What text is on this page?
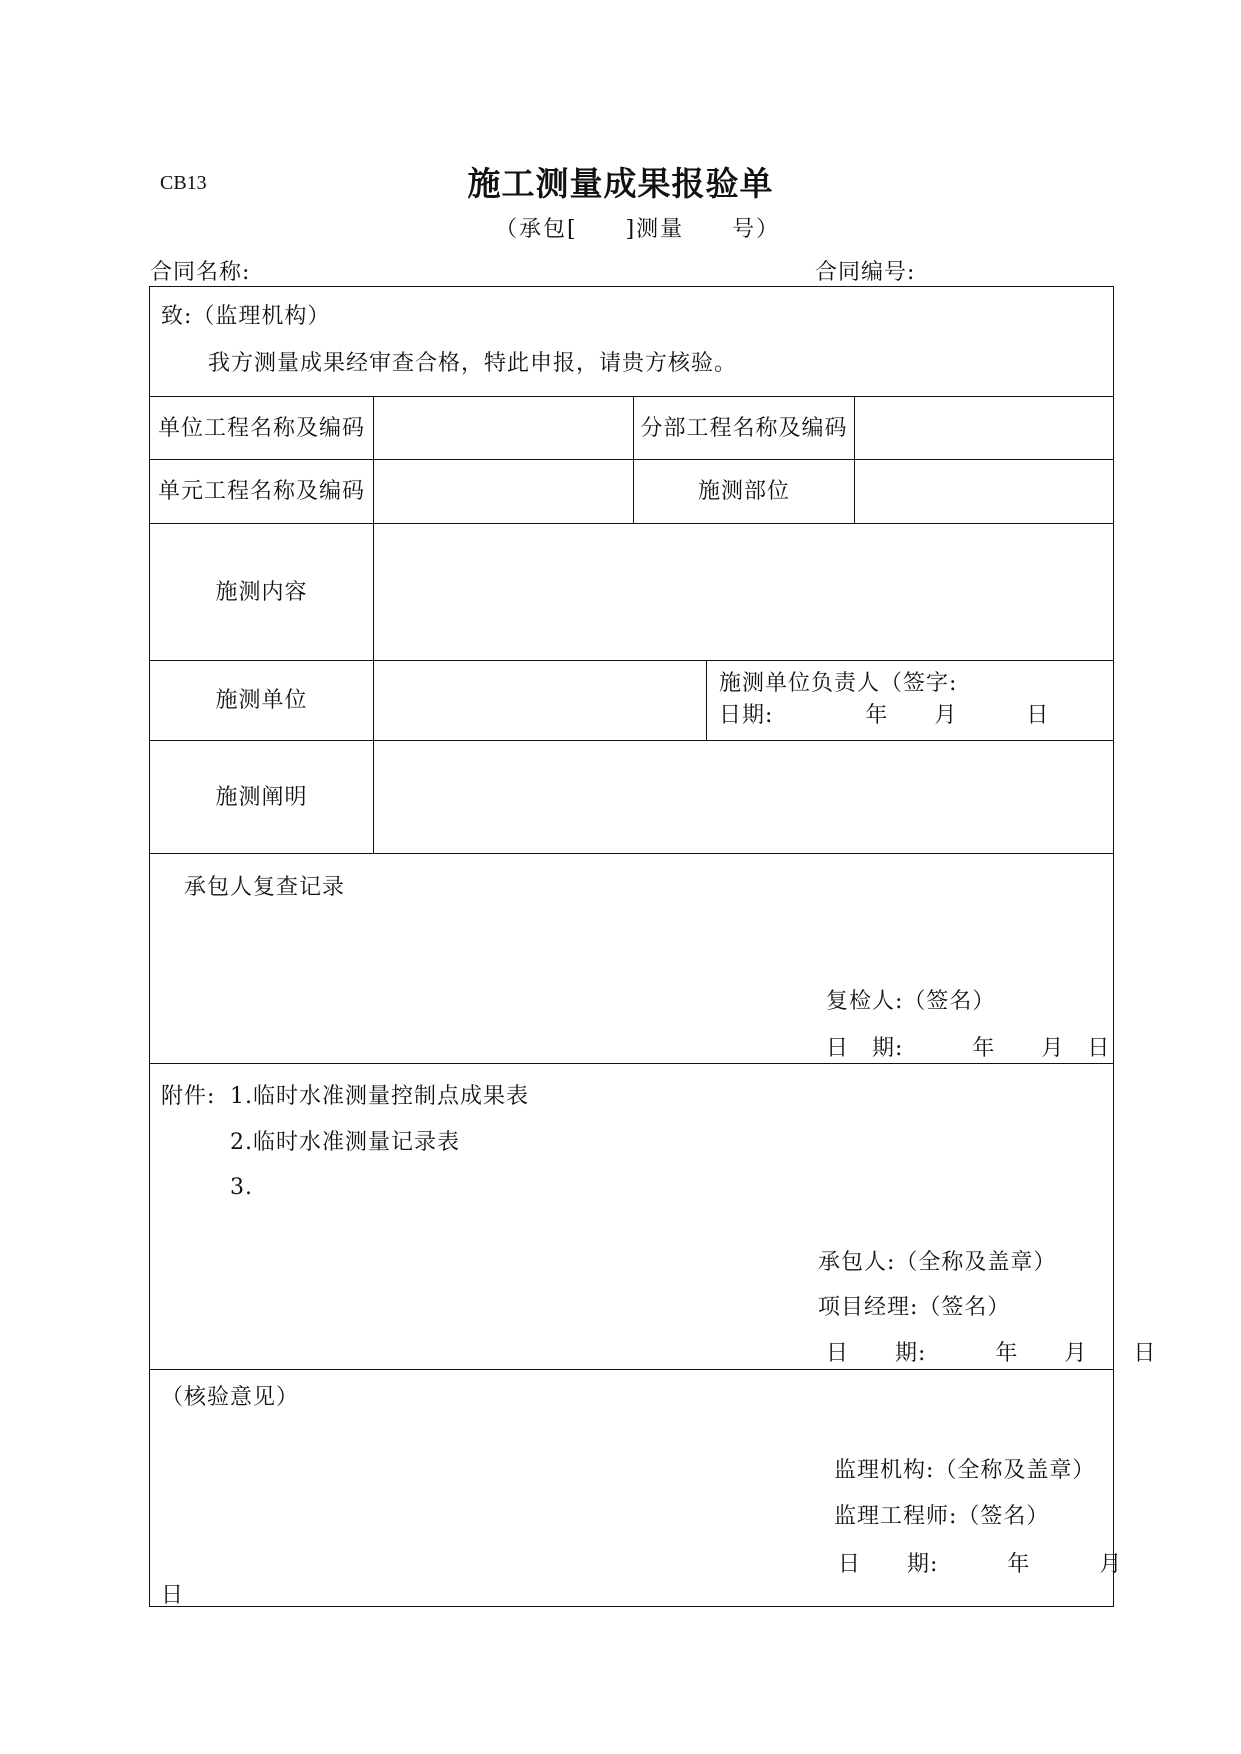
CB13	施工测量成果报验单
（承包[　　]测量　　号）
合同名称:	合同编号:
致:（监理机构）
我方测量成果经审查合格，特此申报，请贵方核验。
单位工程名称及编码	分部工程名称及编码
单元工程名称及编码	施测部位
施测内容
施测单位
施测单位负责人（签字:
日期:　　　　年　　月　　　日
施测阐明
承包人复查记录
复检人:（签名）
日　期:　　　年　　月　日
附件: 1.临时水准测量控制点成果表
2.临时水准测量记录表
3.
承包人:（全称及盖章）
项目经理:（签名）
日　　期:　　　年　　月　　日
（核验意见）
监理机构:（全称及盖章）
监理工程师:（签名）
日　　期:　　　年　　　月
日
